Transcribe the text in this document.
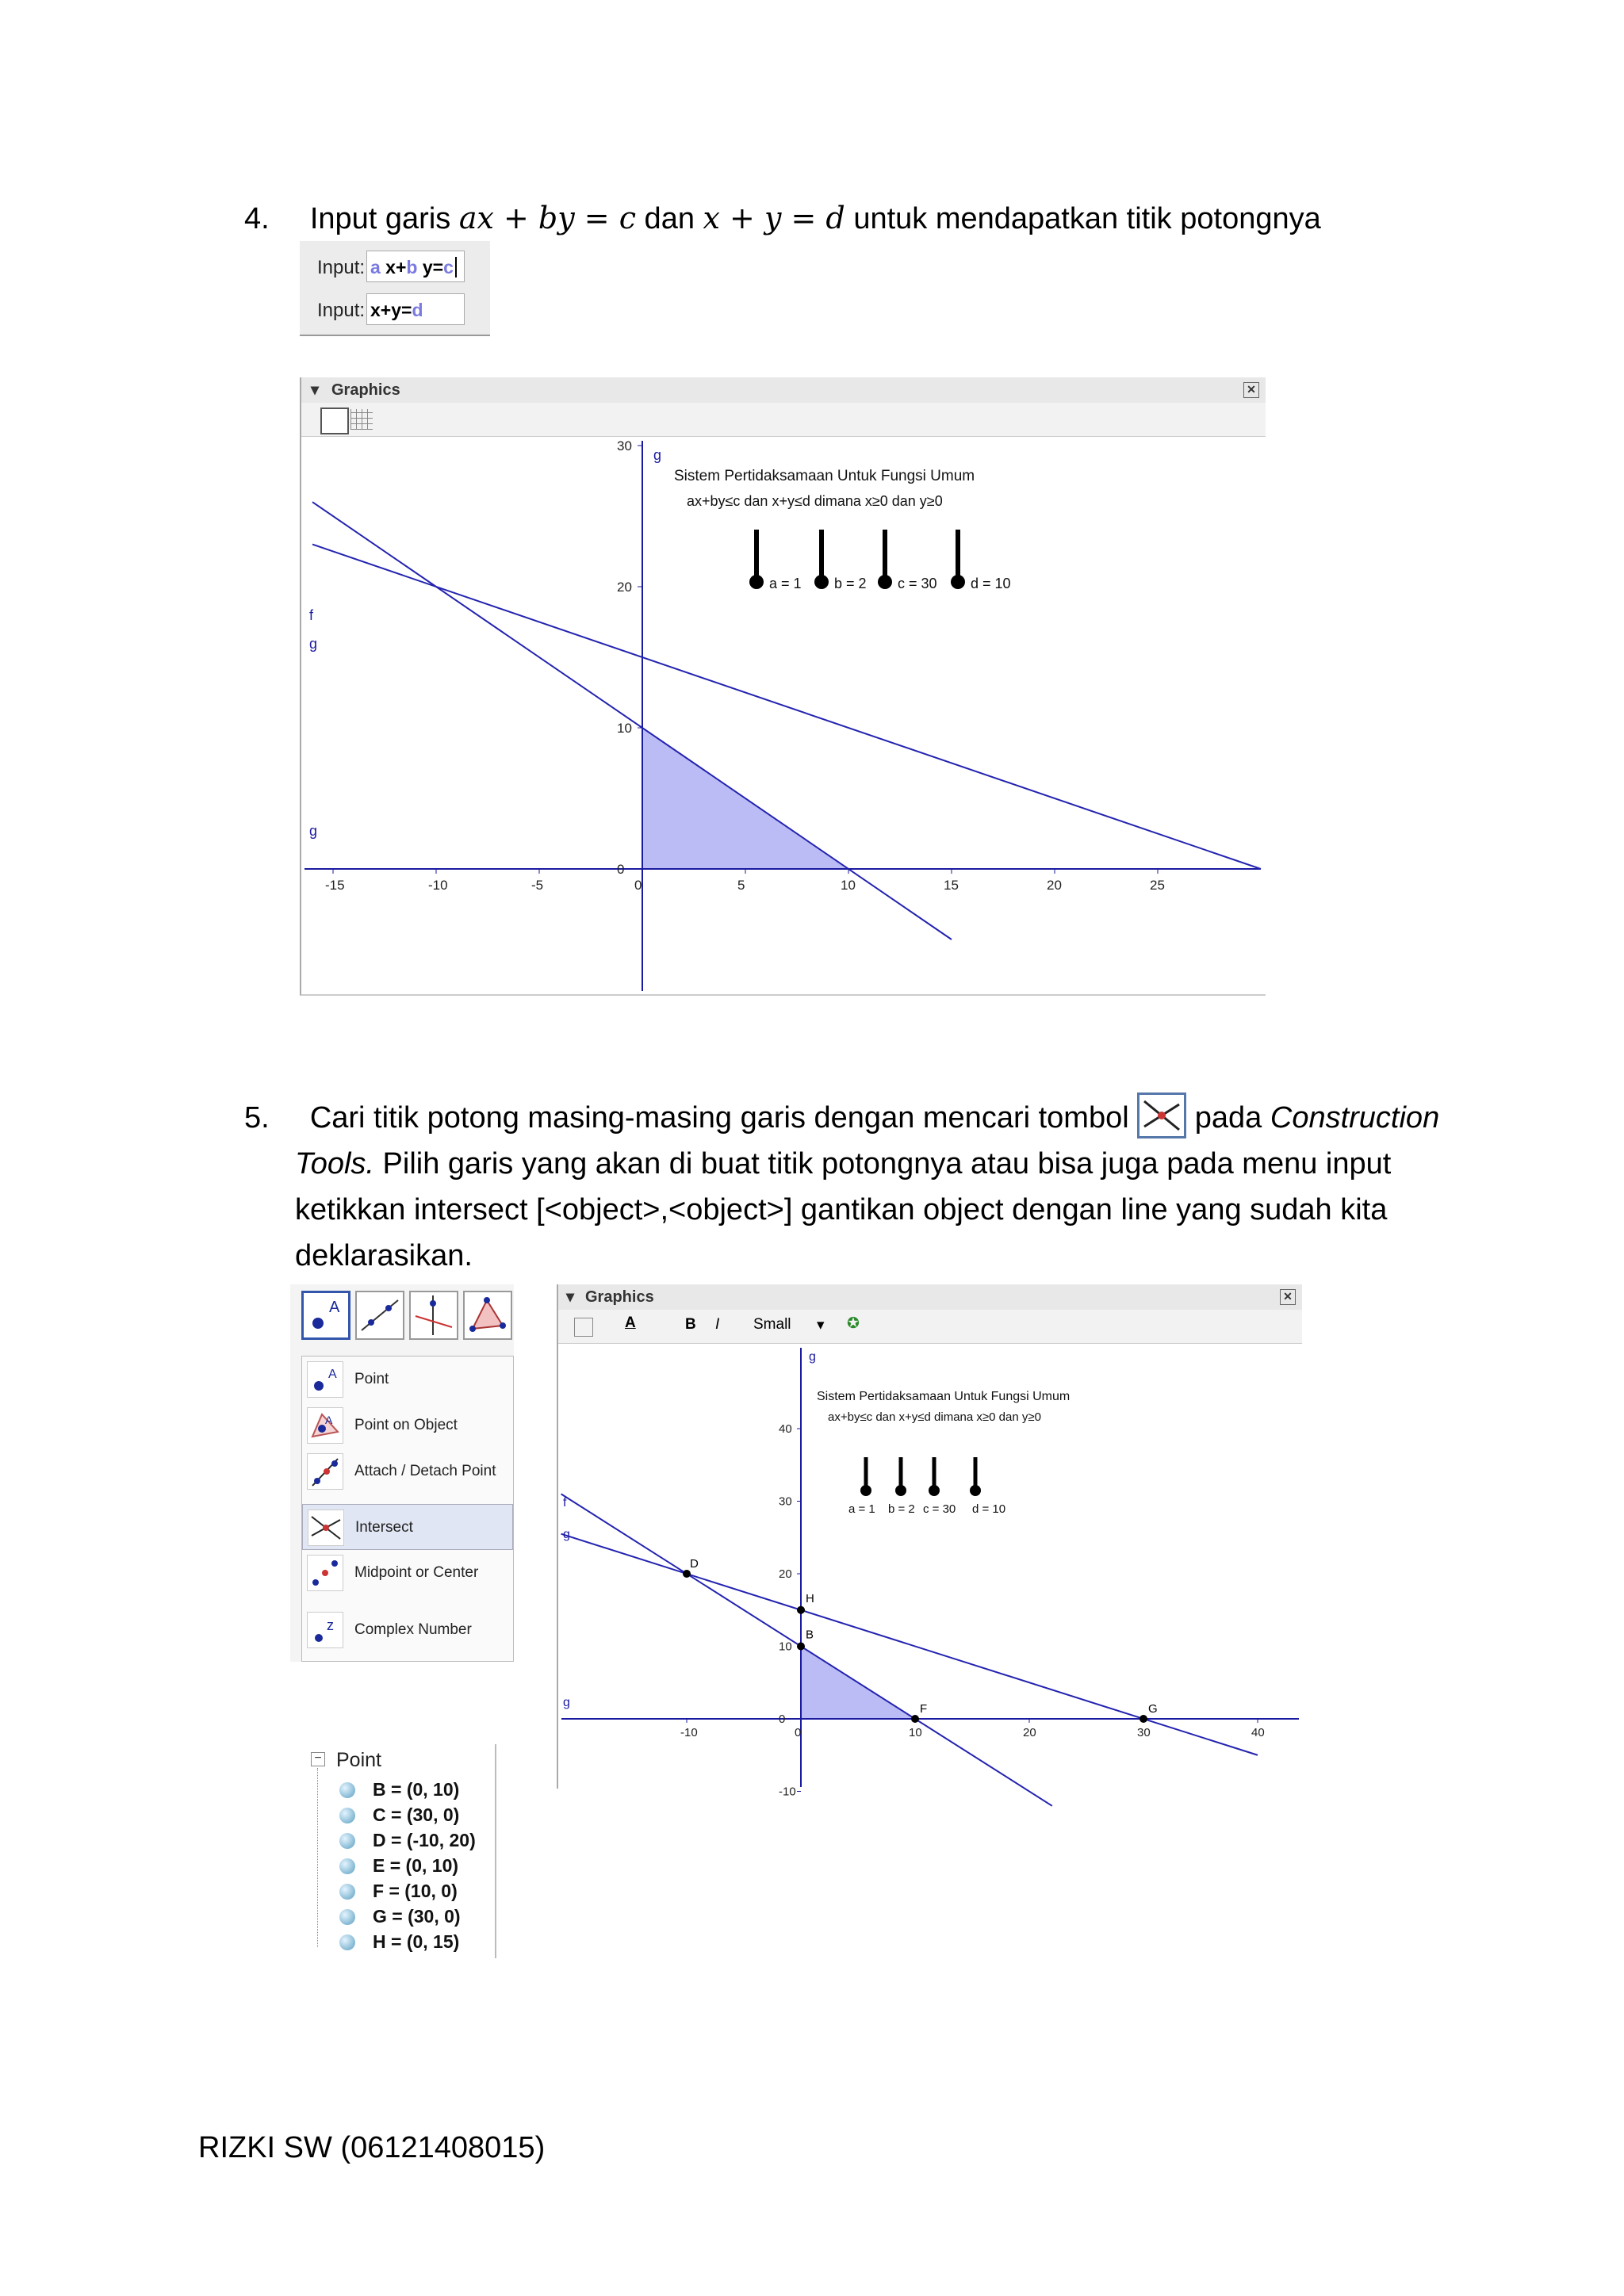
4. Input garis ax + by = c dan x + y = d untuk mendapatkan titik potongnya
Input: a x+b y=c
Input: x+y=d
▾ Graphics	✕
-15	-10	-5	0	5	10	15	20	25
30
20
10
0
g
f
g
g
Sistem Pertidaksamaan Untuk Fungsi Umum
ax+by≤c dan x+y≤d dimana x≥0 dan y≥0
a = 1 b = 2 c = 30 d = 10
5. Cari titik potong masing-masing garis dengan mencari tombol
pada Construction
Tools. Pilih garis yang akan di buat titik potongnya atau bisa juga pada menu input
ketikkan intersect [<object>,<object>] gantikan object dengan line yang sudah kita
deklarasikan.
A
A Point
A Point on Object
Attach / Detach Point
Intersect
Midpoint or Center
z Complex Number
− Point
B = (0, 10)
C = (30, 0)
D = (-10, 20)
E = (0, 10)
F = (10, 0)
G = (30, 0)
H = (0, 15)
▾ Graphics	✕
A	B I Small ▾ ✪
-10	0	10	20	30	40
40
30
20
10
0
-10
g
f
g
g
D
H
B
F	G
Sistem Pertidaksamaan Untuk Fungsi Umum
ax+by≤c dan x+y≤d dimana x≥0 dan y≥0
a = 1 b = 2 c = 30 d = 10
RIZKI SW (06121408015)
